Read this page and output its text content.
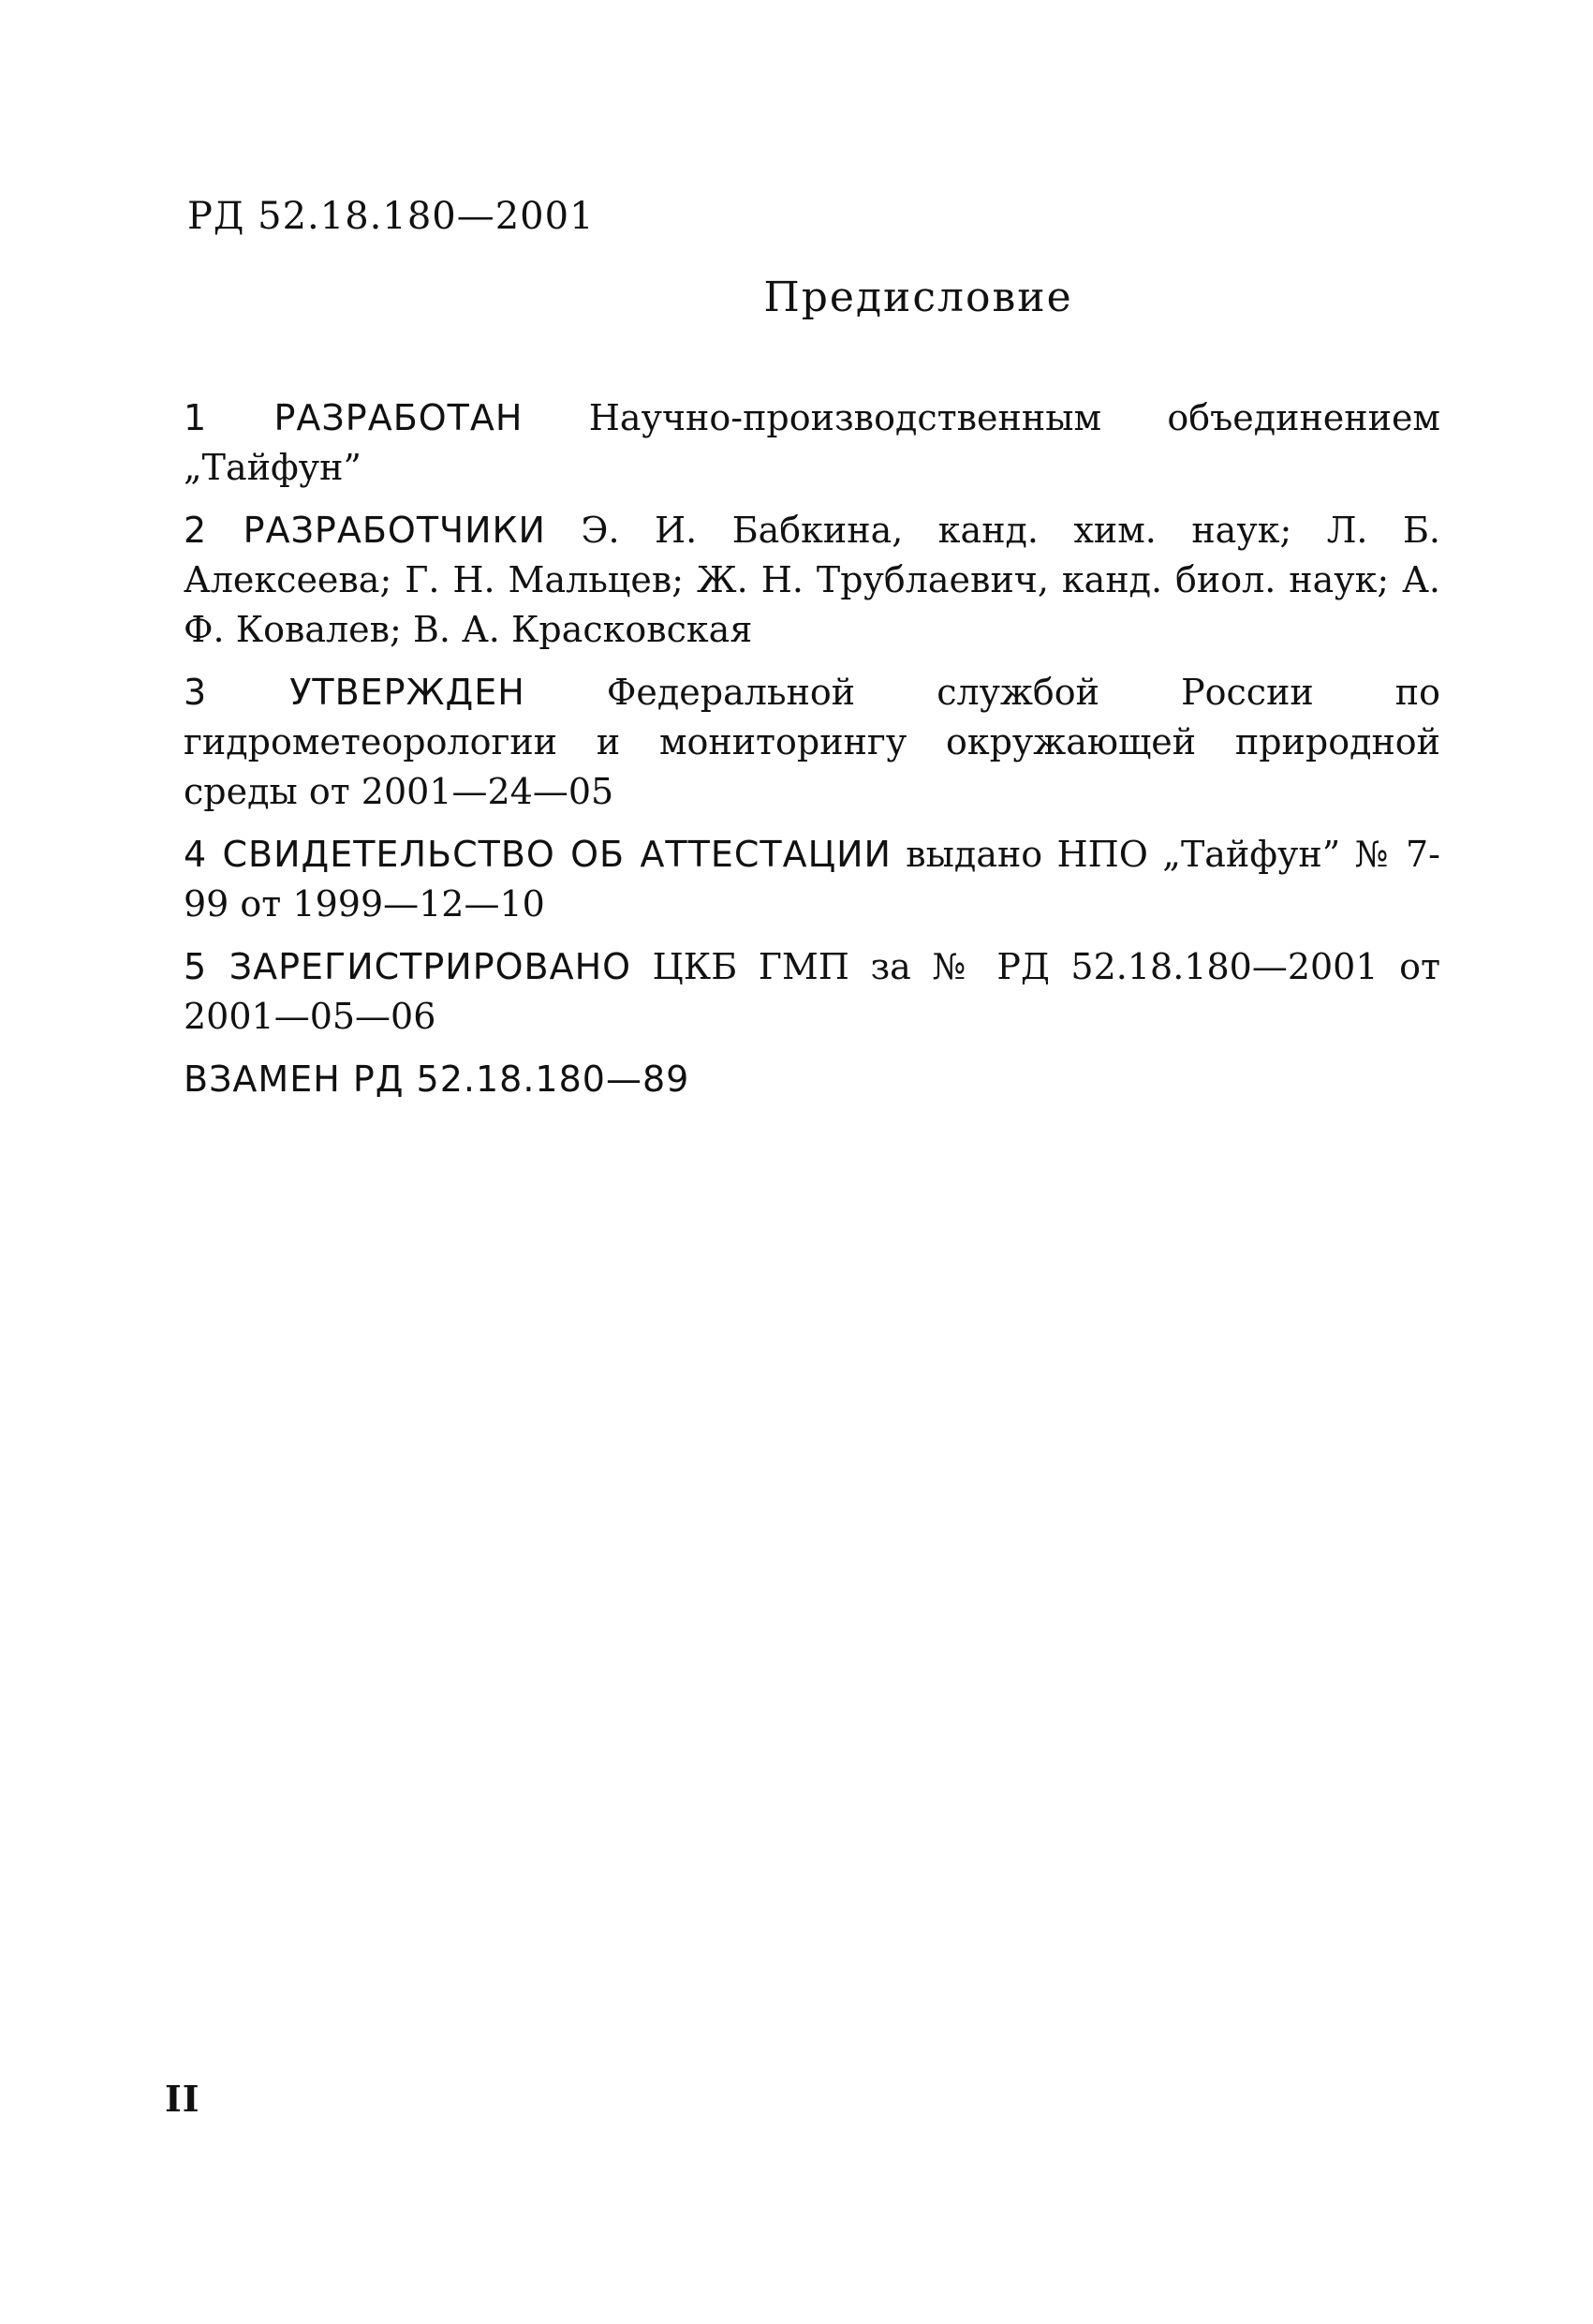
РД 52.18.180—2001
Предисловие

1 РАЗРАБОТАН Научно-производственным объединением „Тайфун”

2 РАЗРАБОТЧИКИ Э. И. Бабкина, канд. хим. наук; Л. Б. Алексеева; Г. Н. Мальцев; Ж. Н. Трублаевич, канд. биол. наук; А. Ф. Ковалев; В. А. Красковская

3 УТВЕРЖДЕН Федеральной службой России по гидрометеорологии и мониторингу окружающей природной среды от 2001—24—05

4 СВИДЕТЕЛЬСТВО ОБ АТТЕСТАЦИИ выдано НПО „Тайфун” № 7-99 от 1999—12—10

5 ЗАРЕГИСТРИРОВАНО ЦКБ ГМП за № РД 52.18.180—2001 от 2001—05—06

ВЗАМЕН РД 52.18.180—89

II
